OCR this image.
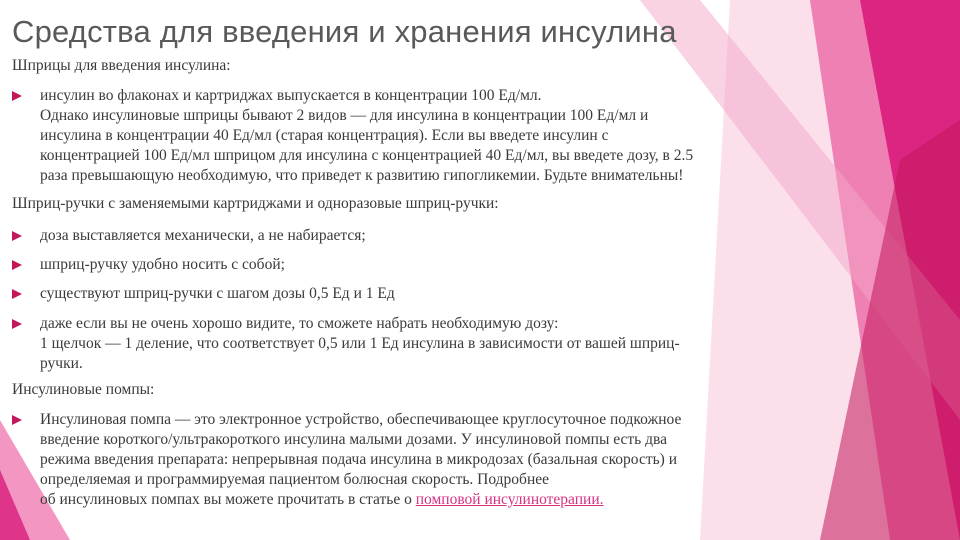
Средства для введения и хранения инсулина

Шприцы для введения инсулина:

инсулин во флаконах и картриджах выпускается в концентрации 100 Ед/мл.
Однако инсулиновые шприцы бывают 2 видов — для инсулина в концентрации 100 Ед/мл и
инсулина в концентрации 40 Ед/мл (старая концентрация). Если вы введете инсулин с
концентрацией 100 Ед/мл шприцом для инсулина с концентрацией 40 Ед/мл, вы введете дозу, в 2.5
раза превышающую необходимую, что приведет к развитию гипогликемии. Будьте внимательны!

Шприц-ручки с заменяемыми картриджами и одноразовые шприц-ручки:

доза выставляется механически, а не набирается;
шприц-ручку удобно носить с собой;
существуют шприц-ручки с шагом дозы 0,5 Ед и 1 Ед
даже если вы не очень хорошо видите, то сможете набрать необходимую дозу:
1 щелчок — 1 деление, что соответствует 0,5 или 1 Ед инсулина в зависимости от вашей шприц-
ручки.

Инсулиновые помпы:

Инсулиновая помпа — это электронное устройство, обеспечивающее круглосуточное подкожное
введение короткого/ультракороткого инсулина малыми дозами. У инсулиновой помпы есть два
режима введения препарата: непрерывная подача инсулина в микродозах (базальная скорость) и
определяемая и программируемая пациентом болюсная скорость. Подробнее
об инсулиновых помпах вы можете прочитать в статье о помповой инсулинотерапии.
